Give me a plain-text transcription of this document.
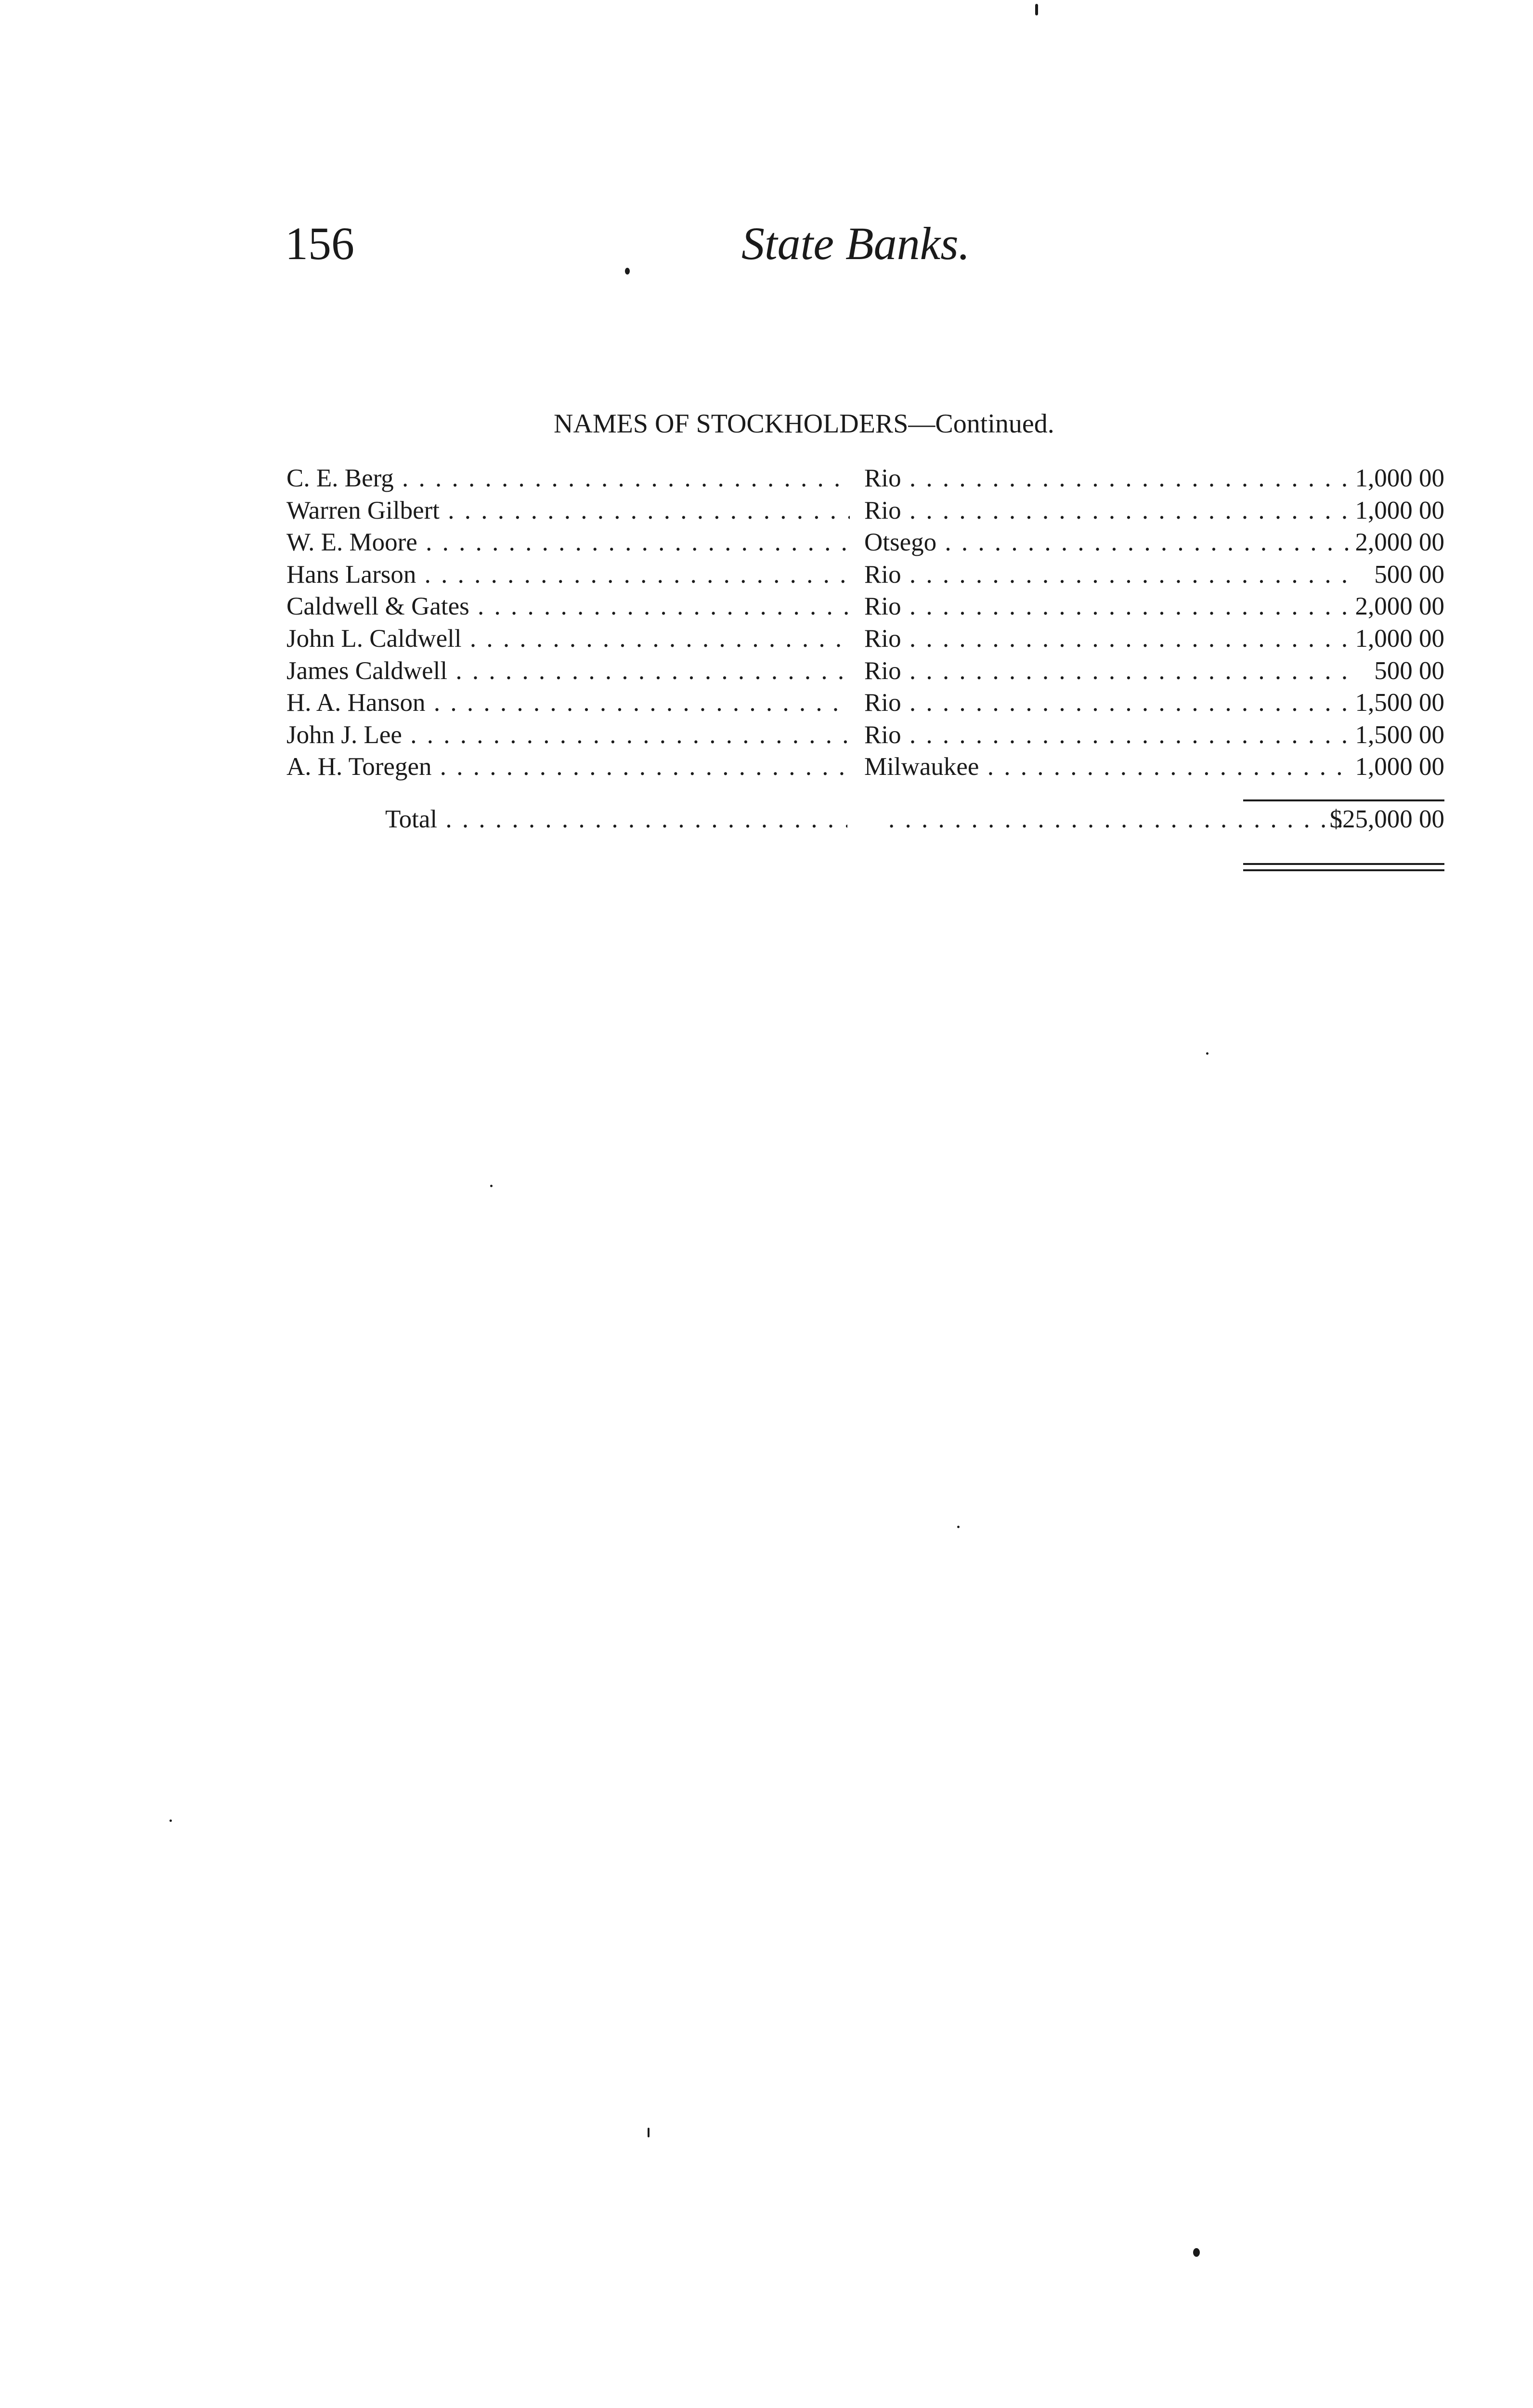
156	State Banks.
NAMES OF STOCKHOLDERS—Continued.
C. E. Berg . . .	Rio . . .	1,000 00
Warren Gilbert . . .	Rio . . .	1,000 00
W. E. Moore . . .	Otsego . . .	2,000 00
Hans Larson . . .	Rio . . .	500 00
Caldwell & Gates . . .	Rio . . .	2,000 00
John L. Caldwell . . .	Rio . . .	1,000 00
James Caldwell . . .	Rio . . .	500 00
H. A. Hanson . . .	Rio . . .	1,500 00
John J. Lee . . .	Rio . . .	1,500 00
A. H. Toregen . . .	Milwaukee . . .	1,000 00
Total . . .
. . .	$25,000 00
